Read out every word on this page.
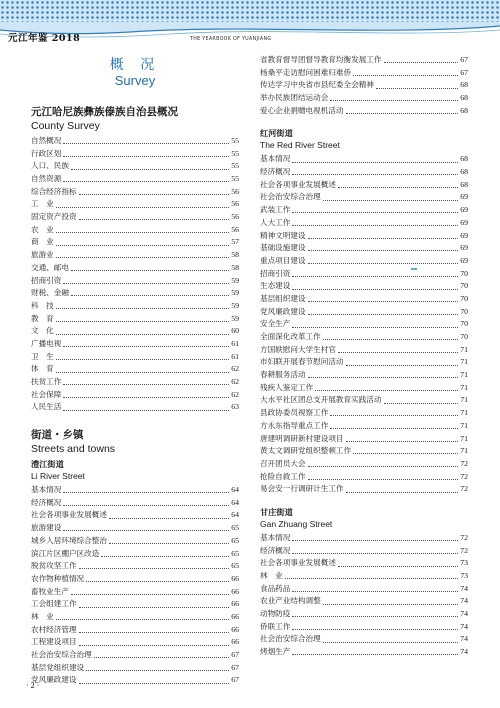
元江年鉴 2018	THE YEARBOOK OF YUANJIANG
概 况
Survey
元江哈尼族彝族傣族自治县概况
County Survey
自然概况	55
行政区划	55
人口、民族	55
自然资源	55
综合经济指标	56
工　业	56
固定资产投资	56
农　业	56
商　业	57
旅游业	58
交通、邮电	58
招商引资	59
财税、金融	59
科　技	59
教　育	59
文　化	60
广播电视	61
卫　生	61
体　育	62
扶贫工作	62
社会保障	62
人民生活	63
街道・乡镇
Streets and towns
澧江街道
Li River Street
基本情况	64
经济概况	64
社会各项事业发展概述	64
旅游建设	65
城乡人居环境综合整治	65
滨江片区棚户区改造	65
脱贫攻坚工作	65
农作物种植情况	66
畜牧业生产	66
工会组建工作	66
林　业	66
农村经济管理	66
工程建设项目	66
社会治安综合治理	67
基层党组织建设	67
党风廉政建设	67
省教育督导团督导教育均衡发展工作	67
杨桑平走访慰问困难归难侨	67
传达学习中央省市县纪委全会精神	68
举办民族团结运动会	68
爱心企业捐赠电视机活动	68
红河街道
The Red River Street
基本情况	68
经济概况	68
社会各项事业发展概述	68
社会治安综合治理	69
武装工作	69
人大工作	69
精神文明建设	69
基础设施建设	69
重点项目建设	69
招商引资	70
生态建设	70
基层组织建设	70
党风廉政建设	70
安全生产	70
全面深化改革工作	70
方国轶慰问大学生村官	71
市妇联开展春节慰问活动	71
春耕服务活动	71
残疾人鉴定工作	71
大水平社区团总支开展教育实践活动	71
县政协委员视察工作	71
方永东指导重点工作	71
唐建明调研新村建设项目	71
黄太文调研党组织整顿工作	71
召开团员大会	72
抢险自救工作	72
易会安一行调研计生工作	72
甘庄街道
Gan Zhuang Street
基本情况	72
经济概况	72
社会各项事业发展概述	73
林　业	73
食品药品	74
农业产业结构调整	74
动物防疫	74
侨联工作	74
社会治安综合治理	74
烤烟生产	74
· 2 ·
